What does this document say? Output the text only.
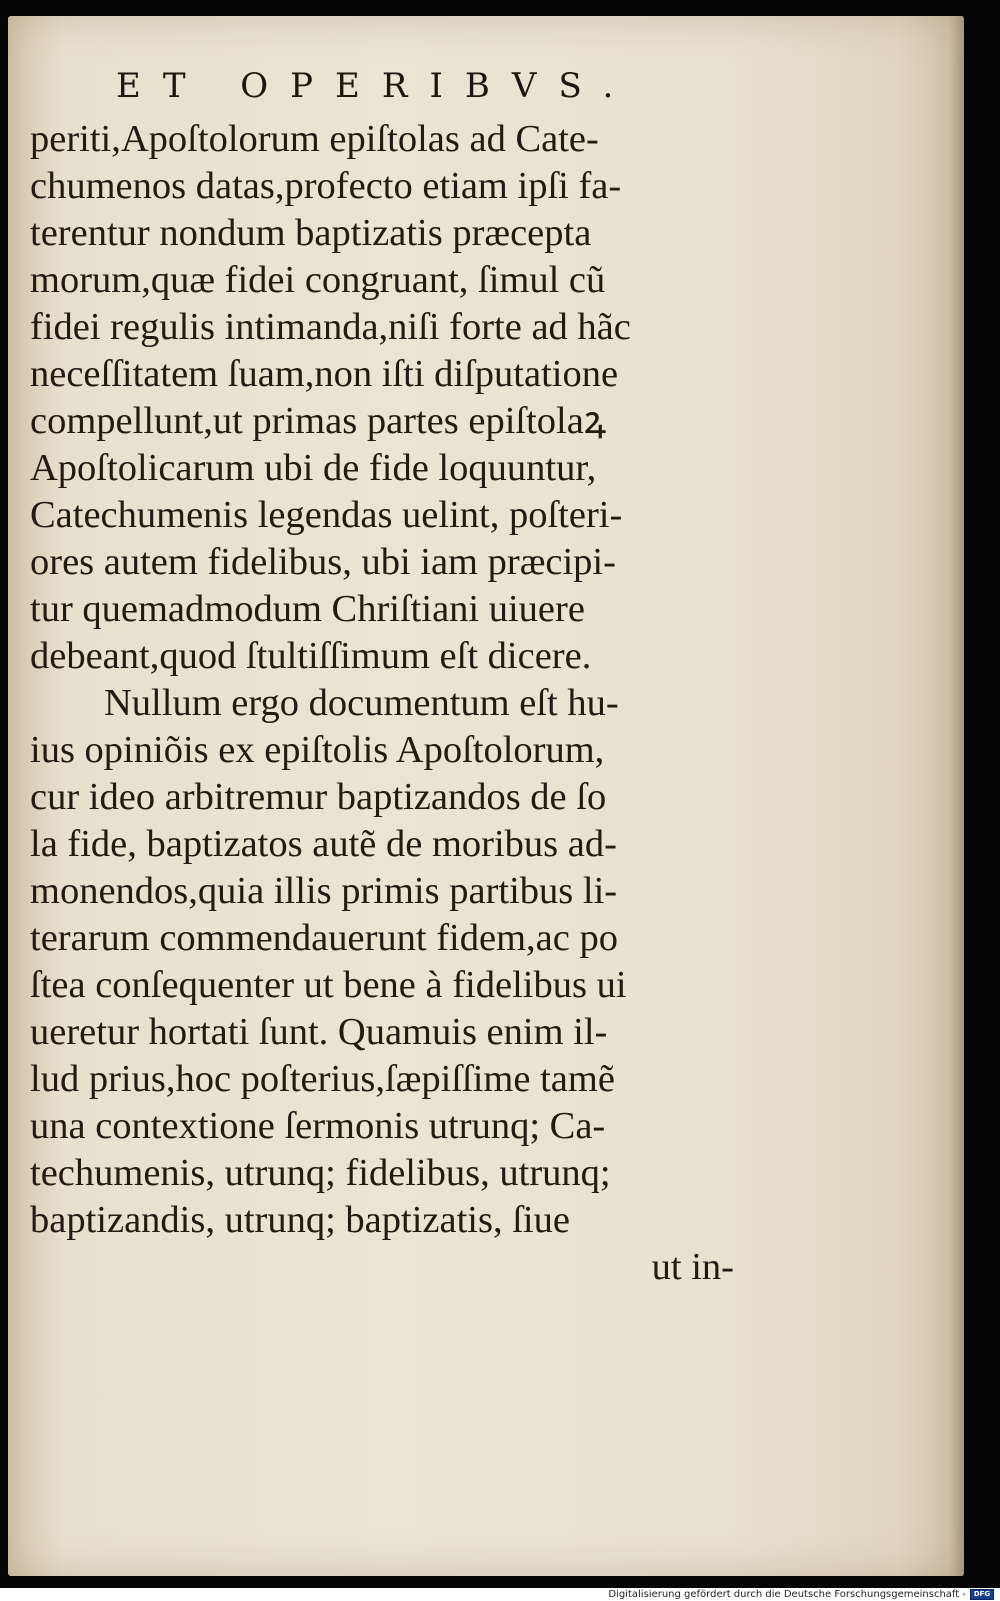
ET OPERIBVS.
periti,Apoſtolorum epiſtolas ad Cate‑
chumenos datas,profecto etiam ipſi fa‑
terentur nondum baptizatis præcepta
morum,quæ fidei congruant, ſimul cũ
fidei regulis intimanda,niſi forte ad hãc
neceſſitatem ſuam,non iſti diſputatione
compellunt,ut primas partes epiſtolaꝝ
Apoſtolicarum ubi de fide loquuntur,
Catechumenis legendas uelint, poſteri‑
ores autem fidelibus, ubi iam præcipi‑
tur quemadmodum Chriſtiani uiuere
debeant,quod ſtultiſſimum eſt dicere.
Nullum ergo documentum eſt hu‑
ius opiniõis ex epiſtolis Apoſtolorum,
cur ideo arbitremur baptizandos de ſo
la fide, baptizatos autẽ de moribus ad‑
monendos,quia illis primis partibus li‑
terarum commendauerunt fidem,ac po
ſtea conſequenter ut bene à fidelibus ui
ueretur hortati ſunt. Quamuis enim il‑
lud prius,hoc poſterius,ſæpiſſime tamẽ
una contextione ſermonis utrunq; Ca‑
techumenis, utrunq; fidelibus, utrunq;
baptizandis, utrunq; baptizatis, ſiue
ut in‑
Digitalisierung gefördert durch die Deutsche Forschungsgemeinschaft -	DFG
